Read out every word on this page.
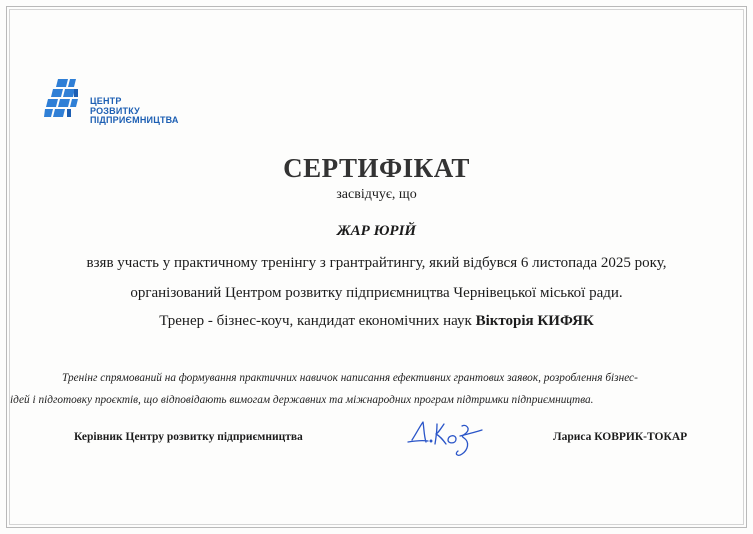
ЦЕНТР
РОЗВИТКУ
ПІДПРИЄМНИЦТВА
СЕРТИФІКАТ
засвідчує, що
ЖАР ЮРІЙ
взяв участь у практичному тренінгу з грантрайтингу, який відбувся 6 листопада 2025 року,
організований Центром розвитку підприємництва Чернівецької міської ради.
Тренер - бізнес-коуч, кандидат економічних наук Вікторія КИФЯК
Тренінг спрямований на формування практичних навичок написання ефективних грантових заявок, розроблення бізнес-
ідей і підготовку проєктів, що відповідають вимогам державних та міжнародних програм підтримки підприємництва.
Керівник Центру розвитку підприємництва	Лариса КОВРИК-ТОКАР
